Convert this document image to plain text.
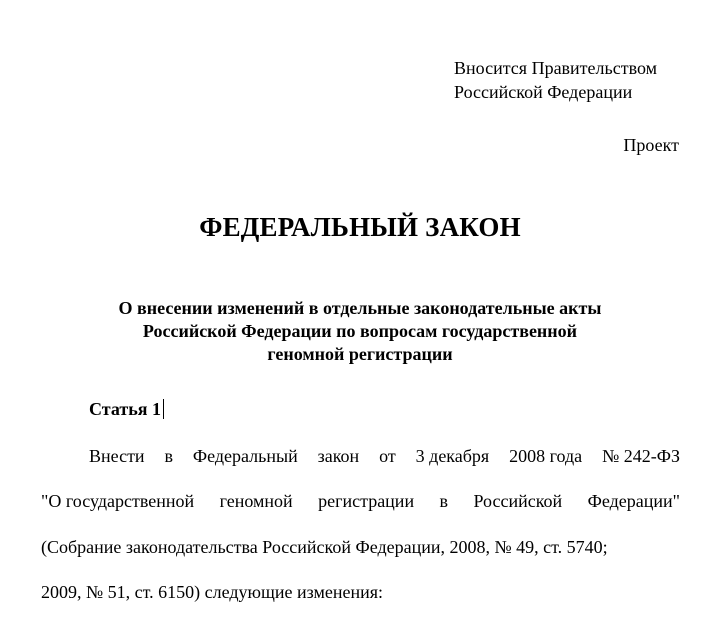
Вносится Правительством
Российской Федерации
Проект
ФЕДЕРАЛЬНЫЙ ЗАКОН
О внесении изменений в отдельные законодательные акты
Российской Федерации по вопросам государственной
геномной регистрации
Статья 1
Внести в Федеральный закон от 3 декабря 2008 года № 242-ФЗ
"О государственной геномной регистрации в Российской Федерации"
(Собрание законодательства Российской Федерации, 2008, № 49, ст. 5740;
2009, № 51, ст. 6150) следующие изменения:
